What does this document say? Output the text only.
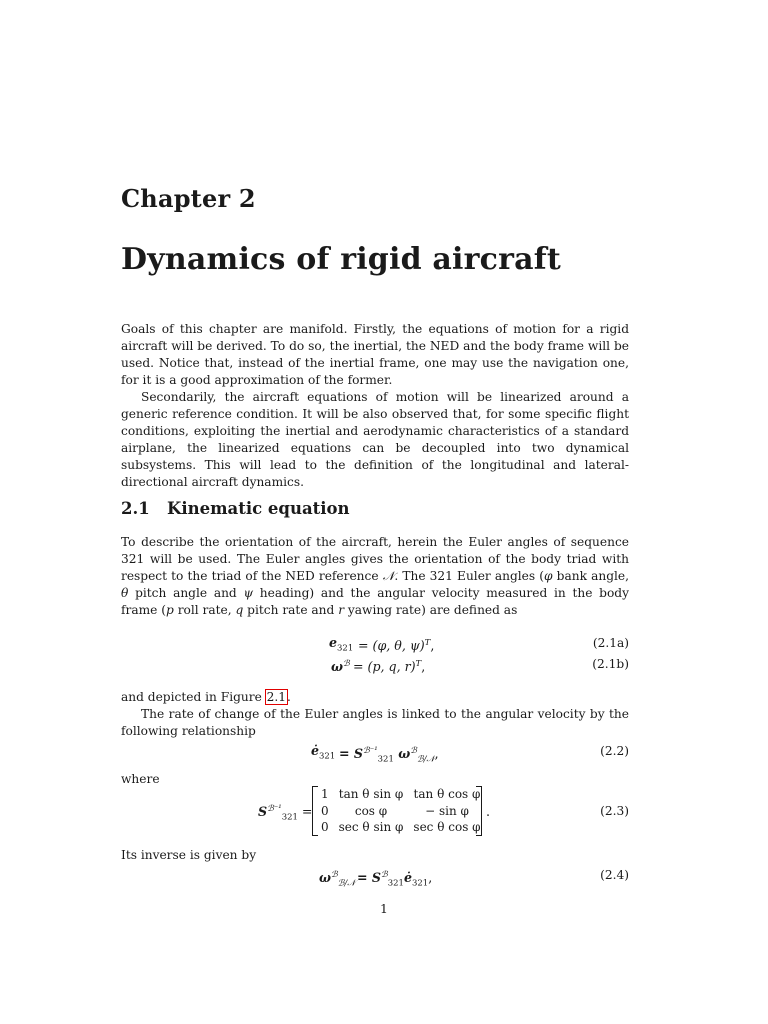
Chapter 2
Dynamics of rigid aircraft

Goals of this chapter are manifold. Firstly, the equations of motion for a rigid aircraft will be derived. To do so, the inertial, the NED and the body frame will be used. Notice that, instead of the inertial frame, one may use the navigation one, for it is a good approximation of the former.

Secondarily, the aircraft equations of motion will be linearized around a generic reference condition. It will be also observed that, for some specific flight conditions, exploiting the inertial and aerodynamic characteristics of a standard airplane, the linearized equations can be decoupled into two dynamical subsystems. This will lead to the definition of the longitudinal and lateral-directional aircraft dynamics.

2.1 Kinematic equation

To describe the orientation of the aircraft, herein the Euler angles of sequence 321 will be used. The Euler angles gives the orientation of the body triad with respect to the triad of the NED reference 𝒩. The 321 Euler angles (φ bank angle, θ pitch angle and ψ heading) and the angular velocity measured in the body frame (p roll rate, q pitch rate and r yawing rate) are defined as

$e_{321} = (\varphi$, θ, ψ)$^T$,	(2.1a)
$\omega^ℬ = (p$, q, r)$^T$,	(2.1b)

and depicted in Figure 2.1.

The rate of change of the Euler angles is linked to the angular velocity by the following relationship

$ė_{321} = S^{ℬ^{-1}}_{321}$ $\omega^ℬ_{ℬ/𝒩}$,	(2.2)

where

$S^{ℬ^{-1}}_{321}$ =
1	tan θ sin φ	tan θ cos φ
0	cos φ	− sin φ
0	sec θ sin φ	sec θ cos φ
.	(2.3)

Its inverse is given by

$\omega^ℬ_{ℬ/𝒩}$ = $S^ℬ_{321}ė_{321}$,	(2.4)
1
